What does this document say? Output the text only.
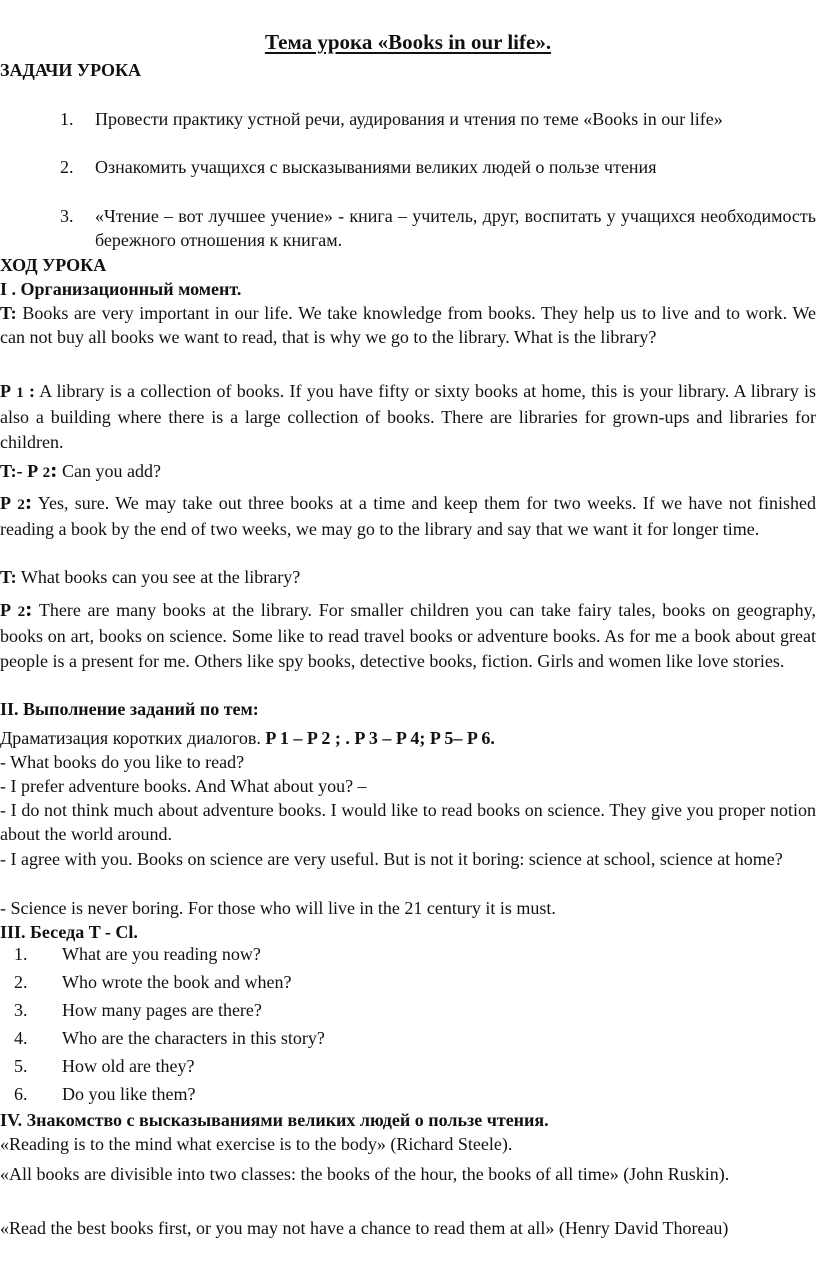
Тема урока «Books in our life».
ЗАДАЧИ УРОКА
1.	Провести практику устной речи, аудирования и чтения по теме «Books in our life»
2.	Ознакомить учащихся с высказываниями великих людей о пользе чтения
3.	«Чтение – вот лучшее учение» - книга – учитель, друг, воспитать у учащихся необходимость бережного отношения к книгам.
ХОД УРОКА
I . Организационный момент.

T: Books are very important in our life. We take knowledge from books. They help us to live and to work. We can not buy all books we want to read, that is why we go to the library. What is the library?

P 1 : A library is a collection of books. If you have fifty or sixty books at home, this is your library. A library is also a building where there is a large collection of books. There are libraries for grown-ups and libraries for children.

T:- P 2: Can you add?

P 2: Yes, sure. We may take out three books at a time and keep them for two weeks. If we have not finished reading a book by the end of two weeks, we may go to the library and say that we want it for longer time.

T: What books can you see at the library?

P 2: There are many books at the library. For smaller children you can take fairy tales, books on geography, books on art, books on science. Some like to read travel books or adventure books. As for me a book about great people is a present for me. Others like spy books, detective books, fiction. Girls and women like love stories.

II. Выполнение заданий по тем:

Драматизация коротких диалогов. P 1 – P 2 ; . P 3 – P 4; P 5– P 6.

- What books do you like to read?
- I prefer adventure books. And What about you? –
- I do not think much about adventure books. I would like to read books on science. They give you proper notion about the world around.
- I agree with you. Books on science are very useful. But is not it boring: science at school, science at home?
- Science is never boring. For those who will live in the 21 century it is must.
III. Беседа T - Cl.
1.	What are you reading now?
2.	Who wrote the book and when?
3.	How many pages are there?
4.	Who are the characters in this story?
5.	How old are they?
6.	Do you like them?
IV. Знакомство с высказываниями великих людей о пользе чтения.
«Reading is to the mind what exercise is to the body» (Richard Steele).
«All books are divisible into two classes: the books of the hour, the books of all time» (John Ruskin).
«Read the best books first, or you may not have a chance to read them at all» (Henry David Thoreau)
